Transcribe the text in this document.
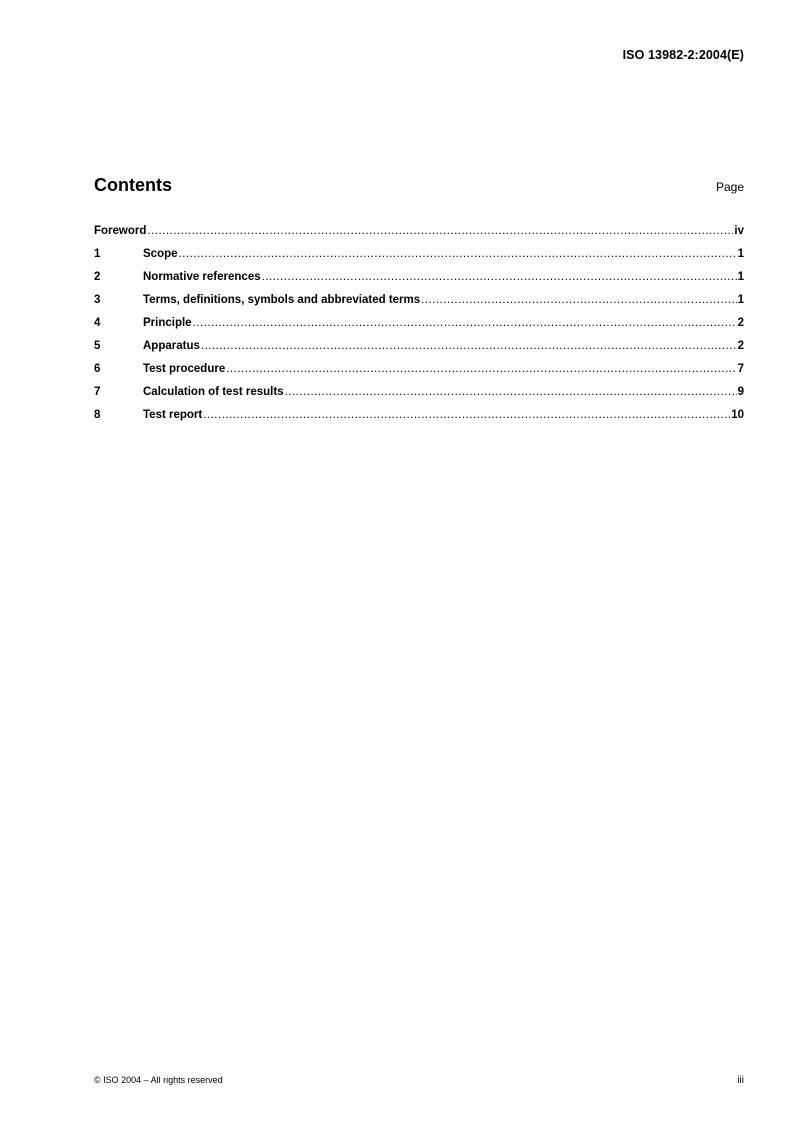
ISO 13982-2:2004(E)
Contents	Page
Foreword .....	iv
1	Scope .....	1
2	Normative references .....	1
3	Terms, definitions, symbols and abbreviated terms .....	1
4	Principle .....	2
5	Apparatus .....	2
6	Test procedure .....	7
7	Calculation of test results .....	9
8	Test report .....	10
© ISO 2004 – All rights reserved	iii
